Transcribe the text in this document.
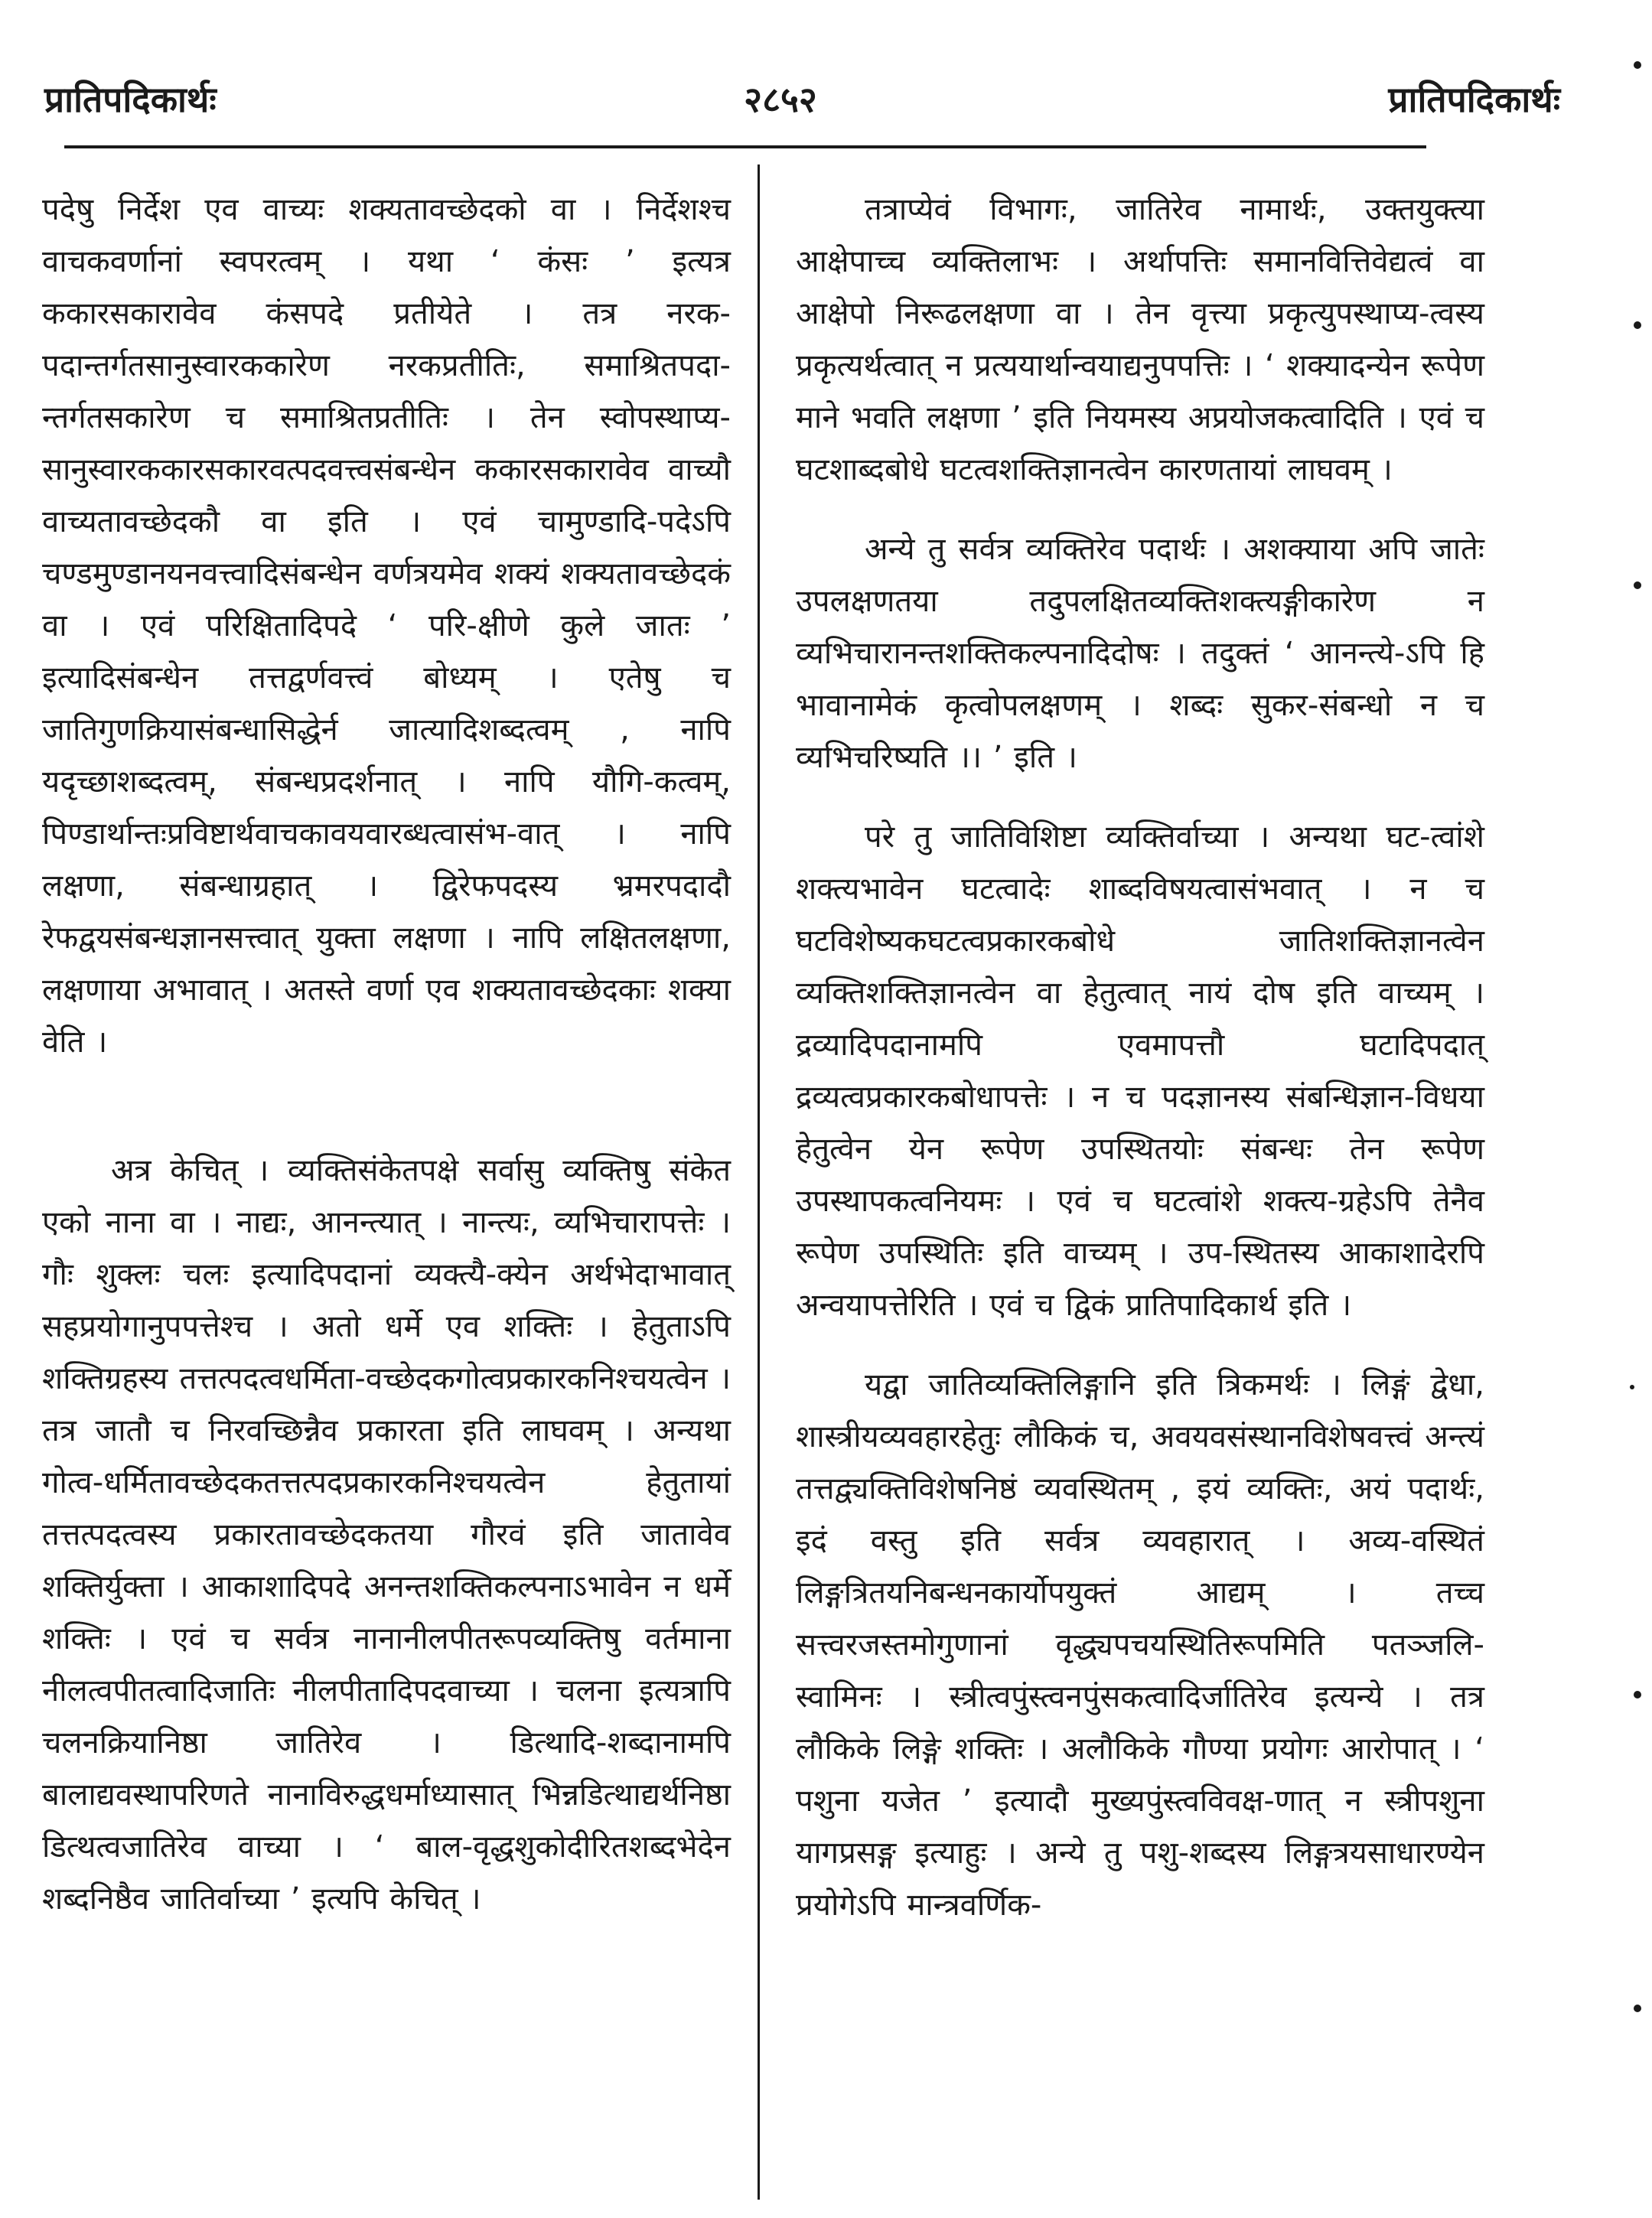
प्रातिपदिकार्थः	२८५२	प्रातिपदिकार्थः

पदेषु निर्देश एव वाच्यः शक्यतावच्छेदको वा । निर्देशश्च वाचकवर्णानां स्वपरत्वम् । यथा ‘ कंसः ’ इत्यत्र ककारसकारावेव कंसपदे प्रतीयेते । तत्र नरक-पदान्तर्गतसानुस्वारककारेण नरकप्रतीतिः, समाश्रितपदा-न्तर्गतसकारेण च समाश्रितप्रतीतिः । तेन स्वोपस्थाप्य-सानुस्वारककारसकारवत्पदवत्त्वसंबन्धेन ककारसकारावेव वाच्यौ वाच्यतावच्छेदकौ वा इति । एवं चामुण्डादि-पदेऽपि चण्डमुण्डानयनवत्त्वादिसंबन्धेन वर्णत्रयमेव शक्यं शक्यतावच्छेदकं वा । एवं परिक्षितादिपदे ‘ परि-क्षीणे कुले जातः ’ इत्यादिसंबन्धेन तत्तद्वर्णवत्त्वं बोध्यम् । एतेषु च जातिगुणक्रियासंबन्धासिद्धेर्न जात्यादिशब्दत्वम् , नापि यदृच्छाशब्दत्वम्, संबन्धप्रदर्शनात् । नापि यौगि-कत्वम्, पिण्डार्थान्तःप्रविष्टार्थवाचकावयवारब्धत्वासंभ-वात् । नापि लक्षणा, संबन्धाग्रहात् । द्विरेफपदस्य भ्रमरपदादौ रेफद्वयसंबन्धज्ञानसत्त्वात् युक्ता लक्षणा । नापि लक्षितलक्षणा, लक्षणाया अभावात् । अतस्ते वर्णा एव शक्यतावच्छेदकाः शक्या वेति ।

अत्र केचित् । व्यक्तिसंकेतपक्षे सर्वासु व्यक्तिषु संकेत एको नाना वा । नाद्यः, आनन्त्यात् । नान्त्यः, व्यभिचारापत्तेः । गौः शुक्लः चलः इत्यादिपदानां व्यक्त्यै-क्येन अर्थभेदाभावात् सहप्रयोगानुपपत्तेश्च । अतो धर्मे एव शक्तिः । हेतुताऽपि शक्तिग्रहस्य तत्तत्पदत्वधर्मिता-वच्छेदकगोत्वप्रकारकनिश्चयत्वेन । तत्र जातौ च निरवच्छिन्नैव प्रकारता इति लाघवम् । अन्यथा गोत्व-धर्मितावच्छेदकतत्तत्पदप्रकारकनिश्चयत्वेन हेतुतायां तत्तत्पदत्वस्य प्रकारतावच्छेदकतया गौरवं इति जातावेव शक्तिर्युक्ता । आकाशादिपदे अनन्तशक्तिकल्पनाऽभावेन न धर्मे शक्तिः । एवं च सर्वत्र नानानीलपीतरूपव्यक्तिषु वर्तमाना नीलत्वपीतत्वादिजातिः नीलपीतादिपदवाच्या । चलना इत्यत्रापि चलनक्रियानिष्ठा जातिरेव । डित्थादि-शब्दानामपि बालाद्यवस्थापरिणते नानाविरुद्धधर्माध्यासात् भिन्नडित्थाद्यर्थनिष्ठा डित्थत्वजातिरेव वाच्या । ‘ बाल-वृद्धशुकोदीरितशब्दभेदेन शब्दनिष्ठैव जातिर्वाच्या ’ इत्यपि केचित् ।

तत्राप्येवं विभागः, जातिरेव नामार्थः, उक्तयुक्त्या आक्षेपाच्च व्यक्तिलाभः । अर्थापत्तिः समानवित्तिवेद्यत्वं वा आक्षेपो निरूढलक्षणा वा । तेन वृत्त्या प्रकृत्युपस्थाप्य-त्वस्य प्रकृत्यर्थत्वात् न प्रत्ययार्थान्वयाद्यनुपपत्तिः । ‘ शक्यादन्येन रूपेण माने भवति लक्षणा ’ इति नियमस्य अप्रयोजकत्वादिति । एवं च घटशाब्दबोधे घटत्वशक्तिज्ञानत्वेन कारणतायां लाघवम् ।

अन्ये तु सर्वत्र व्यक्तिरेव पदार्थः । अशक्याया अपि जातेः उपलक्षणतया तदुपलक्षितव्यक्तिशक्त्यङ्गीकारेण न व्यभिचारानन्तशक्तिकल्पनादिदोषः । तदुक्तं ‘ आनन्त्ये-ऽपि हि भावानामेकं कृत्वोपलक्षणम् । शब्दः सुकर-संबन्धो न च व्यभिचरिष्यति ।। ’ इति ।

परे तु जातिविशिष्टा व्यक्तिर्वाच्या । अन्यथा घट-त्वांशे शक्त्यभावेन घटत्वादेः शाब्दविषयत्वासंभवात् । न च घटविशेष्यकघटत्वप्रकारकबोधे जातिशक्तिज्ञानत्वेन व्यक्तिशक्तिज्ञानत्वेन वा हेतुत्वात् नायं दोष इति वाच्यम् । द्रव्यादिपदानामपि एवमापत्तौ घटादिपदात् द्रव्यत्वप्रकारकबोधापत्तेः । न च पदज्ञानस्य संबन्धिज्ञान-विधया हेतुत्वेन येन रूपेण उपस्थितयोः संबन्धः तेन रूपेण उपस्थापकत्वनियमः । एवं च घटत्वांशे शक्त्य-ग्रहेऽपि तेनैव रूपेण उपस्थितिः इति वाच्यम् । उप-स्थितस्य आकाशादेरपि अन्वयापत्तेरिति । एवं च द्विकं प्रातिपादिकार्थ इति ।

यद्वा जातिव्यक्तिलिङ्गानि इति त्रिकमर्थः । लिङ्गं द्वेधा, शास्त्रीयव्यवहारहेतुः लौकिकं च, अवयवसंस्थानविशेषवत्त्वं अन्त्यं तत्तद्व्यक्तिविशेषनिष्ठं व्यवस्थितम् , इयं व्यक्तिः, अयं पदार्थः, इदं वस्तु इति सर्वत्र व्यवहारात् । अव्य-वस्थितं लिङ्गत्रितयनिबन्धनकार्योपयुक्तं आद्यम् । तच्च सत्त्वरजस्तमोगुणानां वृद्ध्यपचयस्थितिरूपमिति पतञ्जलि-स्वामिनः । स्त्रीत्वपुंस्त्वनपुंसकत्वादिर्जातिरेव इत्यन्ये । तत्र लौकिके लिङ्गे शक्तिः । अलौकिके गौण्या प्रयोगः आरोपात् । ‘ पशुना यजेत ’ इत्यादौ मुख्यपुंस्त्वविवक्ष-णात् न स्त्रीपशुना यागप्रसङ्ग इत्याहुः । अन्ये तु पशु-शब्दस्य लिङ्गत्रयसाधारण्येन प्रयोगेऽपि मान्त्रवर्णिक-
